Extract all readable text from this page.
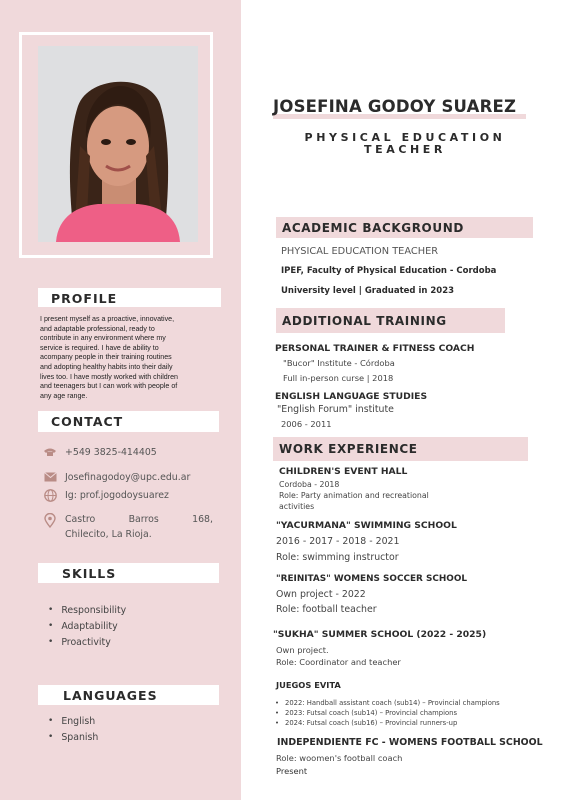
PROFILE
I present myself as a proactive, innovative,
and adaptable professional, ready to
contribute in any environment where my
service is required. I have de ability to
acompany people in their training routines
and adopting healthy habits into their daily
lives too. I have mostly worked with children
and teenagers but I can work with people of
any age range.
CONTACT
+549 3825-414405
Josefinagodoy@upc.edu.ar
Ig: prof.jogodoysuarez
Castro Barros 168,
Chilecito, La Rioja.
SKILLS
• Responsibility
• Adaptability
• Proactivity
LANGUAGES
• English
• Spanish
JOSEFINA GODOY SUAREZ
PHYSICAL EDUCATION
TEACHER
ACADEMIC BACKGROUND
PHYSICAL EDUCATION TEACHER
IPEF, Faculty of Physical Education - Cordoba
University level | Graduated in 2023
ADDITIONAL TRAINING
PERSONAL TRAINER & FITNESS COACH
"Bucor" Institute - Córdoba
Full in-person curse | 2018
ENGLISH LANGUAGE STUDIES
"English Forum" institute
2006 - 2011
WORK EXPERIENCE
CHILDREN'S EVENT HALL
Cordoba - 2018
Role: Party animation and recreational
activities
"YACURMANA" SWIMMING SCHOOL
2016 - 2017 - 2018 - 2021
Role: swimming instructor
"REINITAS" WOMENS SOCCER SCHOOL
Own project - 2022
Role: football teacher
"SUKHA" SUMMER SCHOOL (2022 - 2025)
Own project.
Role: Coordinator and teacher
JUEGOS EVITA
• 2022: Handball assistant coach (sub14) – Provincial champions
• 2023: Futsal coach (sub14) – Provincial champions
• 2024: Futsal coach (sub16) – Provincial runners-up
INDEPENDIENTE FC - WOMENS FOOTBALL SCHOOL
Role: woomen's football coach
Present
